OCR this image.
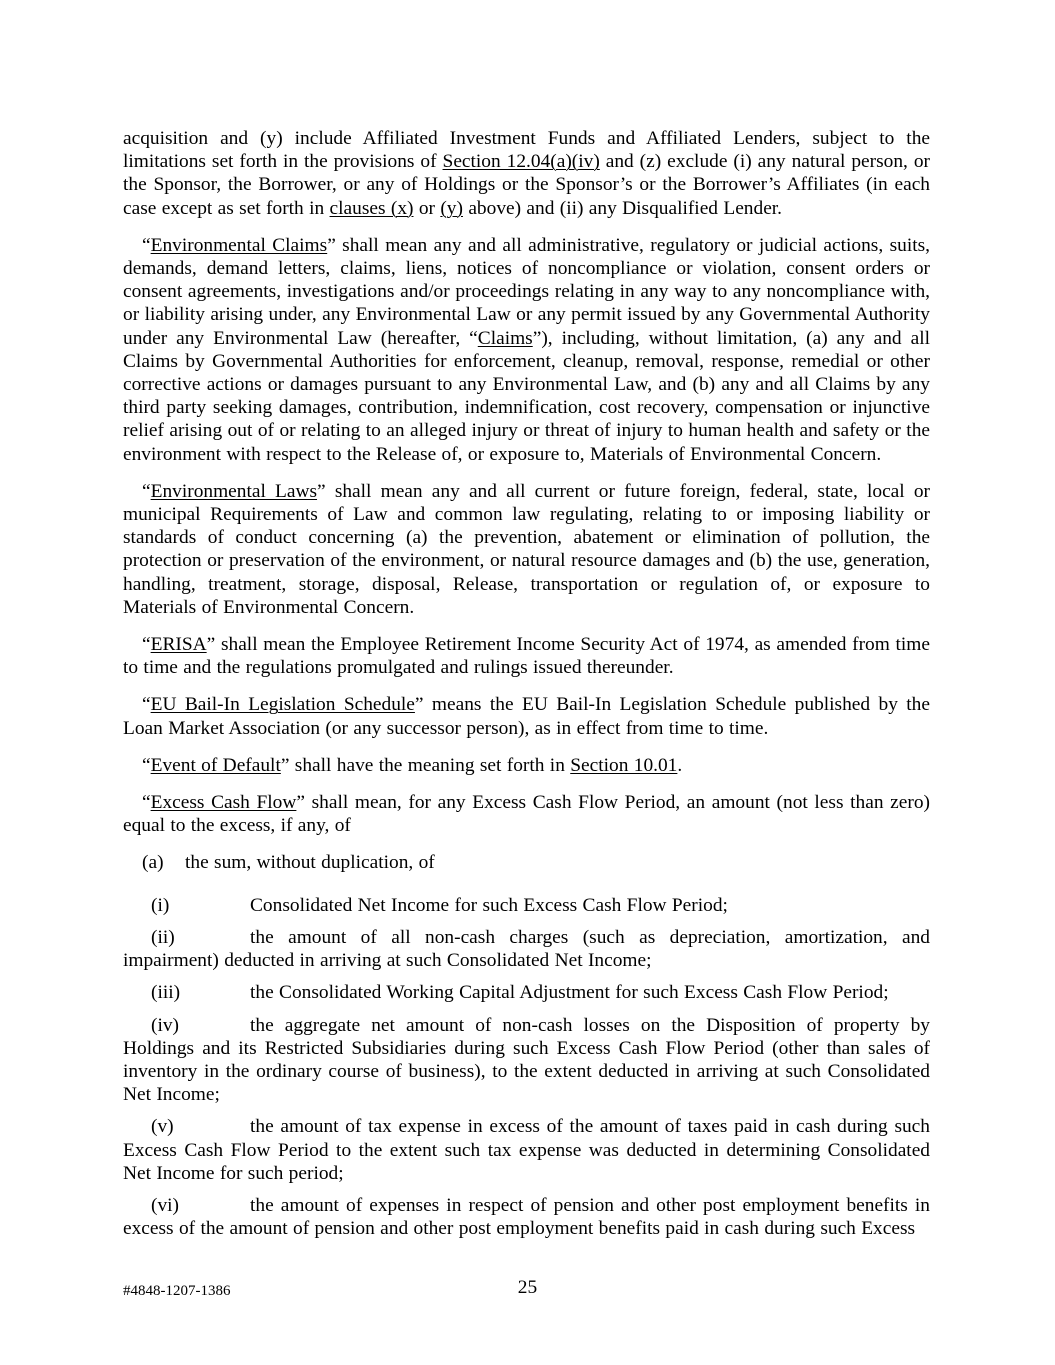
acquisition and (y) include Affiliated Investment Funds and Affiliated Lenders, subject to the limitations set forth in the provisions of Section 12.04(a)(iv) and (z) exclude (i) any natural person, or the Sponsor, the Borrower, or any of Holdings or the Sponsor’s or the Borrower’s Affiliates (in each case except as set forth in clauses (x) or (y) above) and (ii) any Disqualified Lender.

“Environmental Claims” shall mean any and all administrative, regulatory or judicial actions, suits, demands, demand letters, claims, liens, notices of noncompliance or violation, consent orders or consent agreements, investigations and/or proceedings relating in any way to any noncompliance with, or liability arising under, any Environmental Law or any permit issued by any Governmental Authority under any Environmental Law (hereafter, “Claims”), including, without limitation, (a) any and all Claims by Governmental Authorities for enforcement, cleanup, removal, response, remedial or other corrective actions or damages pursuant to any Environmental Law, and (b) any and all Claims by any third party seeking damages, contribution, indemnification, cost recovery, compensation or injunctive relief arising out of or relating to an alleged injury or threat of injury to human health and safety or the environment with respect to the Release of, or exposure to, Materials of Environmental Concern.

“Environmental Laws” shall mean any and all current or future foreign, federal, state, local or municipal Requirements of Law and common law regulating, relating to or imposing liability or standards of conduct concerning (a) the prevention, abatement or elimination of pollution, the protection or preservation of the environment, or natural resource damages and (b) the use, generation, handling, treatment, storage, disposal, Release, transportation or regulation of, or exposure to Materials of Environmental Concern.

“ERISA” shall mean the Employee Retirement Income Security Act of 1974, as amended from time to time and the regulations promulgated and rulings issued thereunder.

“EU Bail-In Legislation Schedule” means the EU Bail-In Legislation Schedule published by the Loan Market Association (or any successor person), as in effect from time to time.

“Event of Default” shall have the meaning set forth in Section 10.01.

“Excess Cash Flow” shall mean, for any Excess Cash Flow Period, an amount (not less than zero) equal to the excess, if any, of

(a) the sum, without duplication, of

(i)	Consolidated Net Income for such Excess Cash Flow Period;

(ii)	the amount of all non-cash charges (such as depreciation, amortization, and impairment) deducted in arriving at such Consolidated Net Income;

(iii)	the Consolidated Working Capital Adjustment for such Excess Cash Flow Period;

(iv)	the aggregate net amount of non-cash losses on the Disposition of property by Holdings and its Restricted Subsidiaries during such Excess Cash Flow Period (other than sales of inventory in the ordinary course of business), to the extent deducted in arriving at such Consolidated Net Income;

(v)	the amount of tax expense in excess of the amount of taxes paid in cash during such Excess Cash Flow Period to the extent such tax expense was deducted in determining Consolidated Net Income for such period;

(vi)	the amount of expenses in respect of pension and other post employment benefits in excess of the amount of pension and other post employment benefits paid in cash during such Excess

#4848-1207-1386	25
